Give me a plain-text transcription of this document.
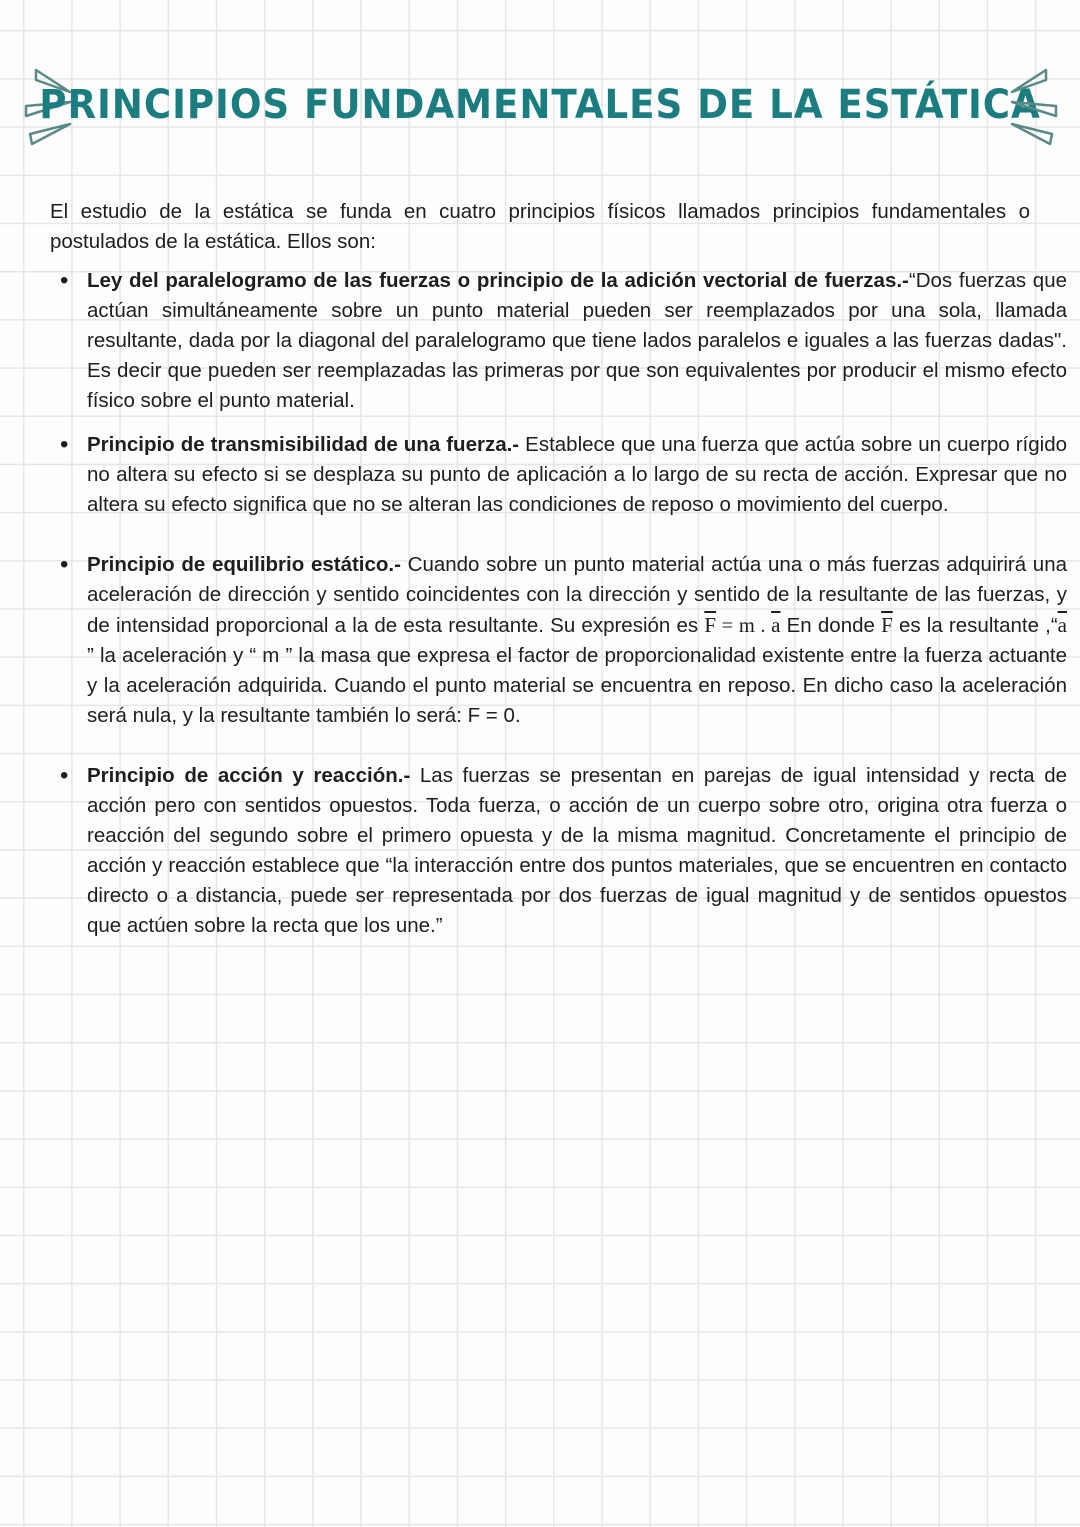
PRINCIPIOS FUNDAMENTALES DE LA ESTÁTICA

El estudio de la estática se funda en cuatro principios físicos llamados principios fundamentales o postulados de la estática. Ellos son:

• Ley del paralelogramo de las fuerzas o principio de la adición vectorial de fuerzas.-“Dos fuerzas que actúan simultáneamente sobre un punto material pueden ser reemplazados por una sola, llamada resultante, dada por la diagonal del paralelogramo que tiene lados paralelos e iguales a las fuerzas dadas". Es decir que pueden ser reemplazadas las primeras por que son equivalentes por producir el mismo efecto físico sobre el punto material.
• Principio de transmisibilidad de una fuerza.- Establece que una fuerza que actúa sobre un cuerpo rígido no altera su efecto si se desplaza su punto de aplicación a lo largo de su recta de acción. Expresar que no altera su efecto significa que no se alteran las condiciones de reposo o movimiento del cuerpo.
• Principio de equilibrio estático.- Cuando sobre un punto material actúa una o más fuerzas adquirirá una aceleración de dirección y sentido coincidentes con la dirección y sentido de la resultante de las fuerzas, y de intensidad proporcional a la de esta resultante. Su expresión es $\overline{F} = m$ . $\overline{a}$ En donde $\overline{F}$ es la resultante $,“\overline{a}$ ” la aceleración y “ m ” la masa que expresa el factor de proporcionalidad existente entre la fuerza actuante y la aceleración adquirida. Cuando el punto material se encuentra en reposo. En dicho caso la aceleración será nula, y la resultante también lo será: F = 0.
• Principio de acción y reacción.- Las fuerzas se presentan en parejas de igual intensidad y recta de acción pero con sentidos opuestos. Toda fuerza, o acción de un cuerpo sobre otro, origina otra fuerza o reacción del segundo sobre el primero opuesta y de la misma magnitud. Concretamente el principio de acción y reacción establece que “la interacción entre dos puntos materiales, que se encuentren en contacto directo o a distancia, puede ser representada por dos fuerzas de igual magnitud y de sentidos opuestos que actúen sobre la recta que los une.”
